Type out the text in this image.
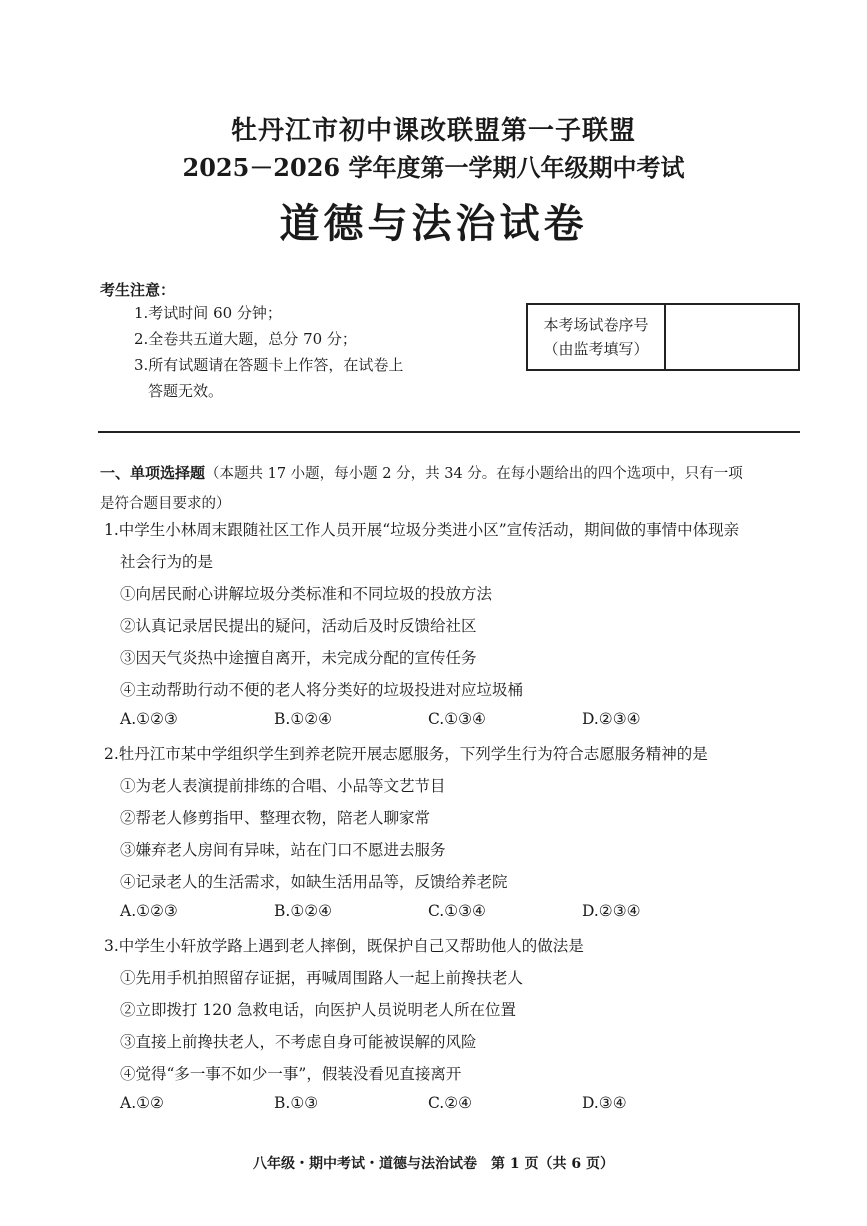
牡丹江市初中课改联盟第一子联盟
2025－2026 学年度第一学期八年级期中考试
道德与法治试卷
考生注意：
1.考试时间 60 分钟；
2.全卷共五道大题，总分 70 分；
3.所有试题请在答题卡上作答，在试卷上
答题无效。
本考场试卷序号
（由监考填写）
一、单项选择题（本题共 17 小题，每小题 2 分，共 34 分。在每小题给出的四个选项中，只有一项
是符合题目要求的）
1.中学生小林周末跟随社区工作人员开展“垃圾分类进小区”宣传活动，期间做的事情中体现亲
社会行为的是
①向居民耐心讲解垃圾分类标准和不同垃圾的投放方法
②认真记录居民提出的疑问，活动后及时反馈给社区
③因天气炎热中途擅自离开，未完成分配的宣传任务
④主动帮助行动不便的老人将分类好的垃圾投进对应垃圾桶
A.①②③	B.①②④	C.①③④	D.②③④
2.牡丹江市某中学组织学生到养老院开展志愿服务，下列学生行为符合志愿服务精神的是
①为老人表演提前排练的合唱、小品等文艺节目
②帮老人修剪指甲、整理衣物，陪老人聊家常
③嫌弃老人房间有异味，站在门口不愿进去服务
④记录老人的生活需求，如缺生活用品等，反馈给养老院
A.①②③	B.①②④	C.①③④	D.②③④
3.中学生小轩放学路上遇到老人摔倒，既保护自己又帮助他人的做法是
①先用手机拍照留存证据，再喊周围路人一起上前搀扶老人
②立即拨打 120 急救电话，向医护人员说明老人所在位置
③直接上前搀扶老人，不考虑自身可能被误解的风险
④觉得“多一事不如少一事”，假装没看见直接离开
A.①②	B.①③	C.②④	D.③④
八年级・期中考试・道德与法治试卷　第 1 页（共 6 页）
